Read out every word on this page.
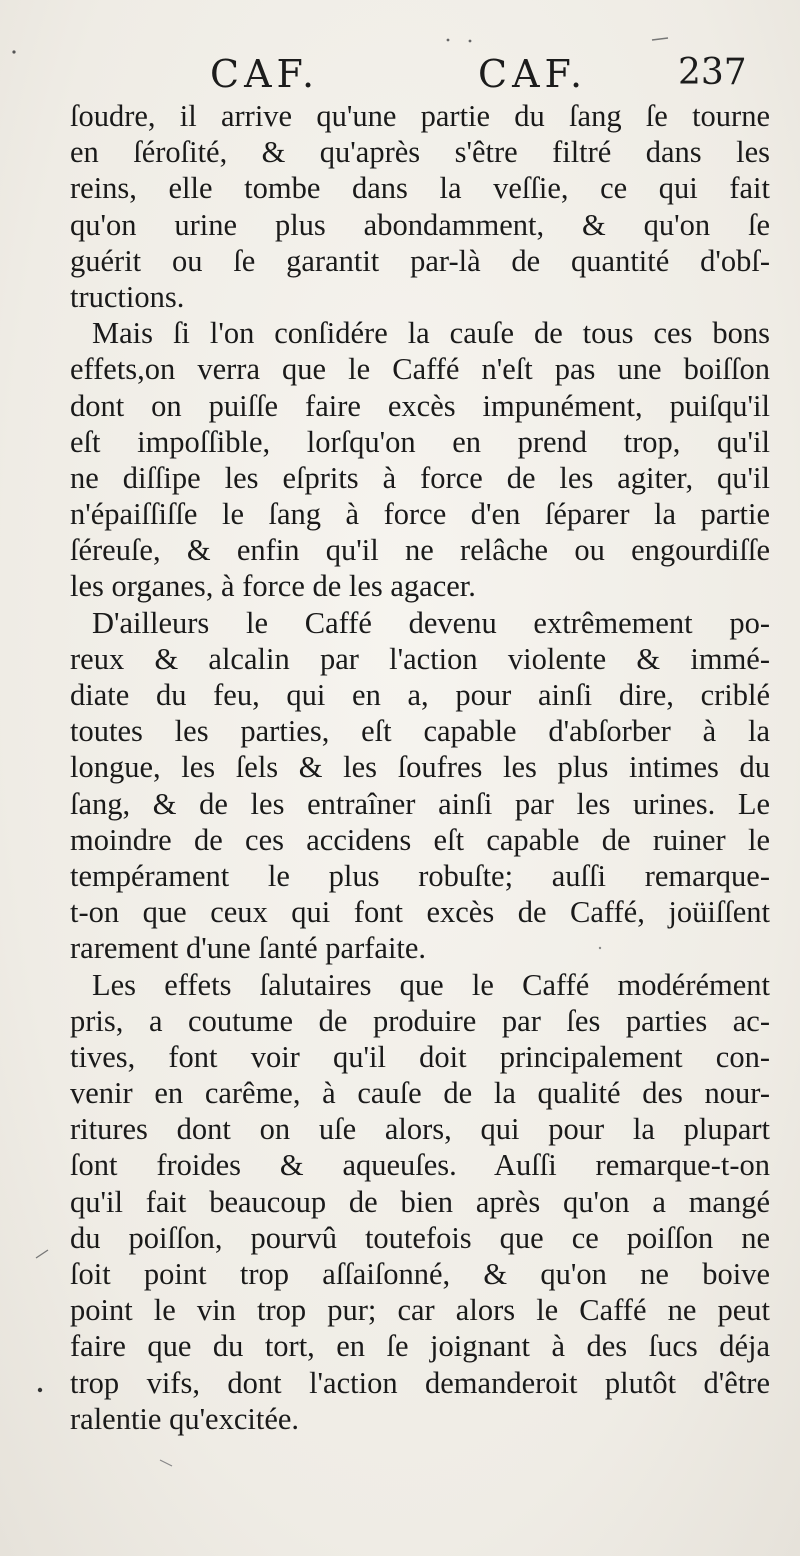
CAF.	CAF.	237
ſoudre, il arrive qu'une partie du ſang ſe tourne
en ſéroſité, & qu'après s'être filtré dans les
reins, elle tombe dans la veſſie, ce qui fait
qu'on urine plus abondamment, & qu'on ſe
guérit ou ſe garantit par-là de quantité d'obſ-
tructions.
Mais ſi l'on conſidére la cauſe de tous ces bons
effets,on verra que le Caffé n'eſt pas une boiſſon
dont on puiſſe faire excès impunément, puiſqu'il
eſt impoſſible, lorſqu'on en prend trop, qu'il
ne diſſipe les eſprits à force de les agiter, qu'il
n'épaiſſiſſe le ſang à force d'en ſéparer la partie
ſéreuſe, & enfin qu'il ne relâche ou engourdiſſe
les organes, à force de les agacer.
D'ailleurs le Caffé devenu extrêmement po-
reux & alcalin par l'action violente & immé-
diate du feu, qui en a, pour ainſi dire, criblé
toutes les parties, eſt capable d'abſorber à la
longue, les ſels & les ſoufres les plus intimes du
ſang, & de les entraîner ainſi par les urines. Le
moindre de ces accidens eſt capable de ruiner le
tempérament le plus robuſte; auſſi remarque-
t-on que ceux qui font excès de Caffé, joüiſſent
rarement d'une ſanté parfaite.
Les effets ſalutaires que le Caffé modérément
pris, a coutume de produire par ſes parties ac-
tives, font voir qu'il doit principalement con-
venir en carême, à cauſe de la qualité des nour-
ritures dont on uſe alors, qui pour la plupart
ſont froides & aqueuſes. Auſſi remarque-t-on
qu'il fait beaucoup de bien après qu'on a mangé
du poiſſon, pourvû toutefois que ce poiſſon ne
ſoit point trop aſſaiſonné, & qu'on ne boive
point le vin trop pur; car alors le Caffé ne peut
faire que du tort, en ſe joignant à des ſucs déja
trop vifs, dont l'action demanderoit plutôt d'être
ralentie qu'excitée.
